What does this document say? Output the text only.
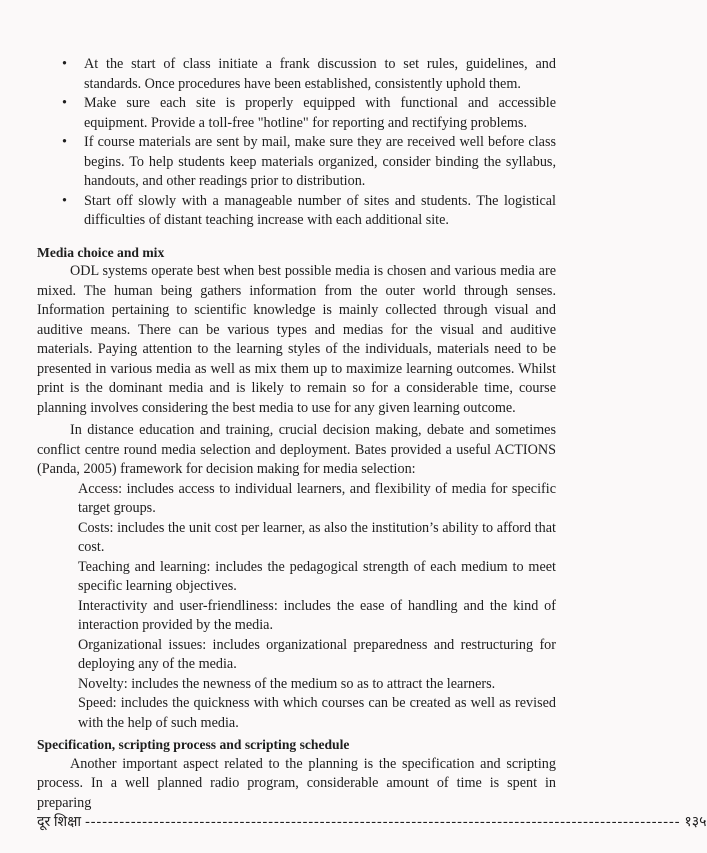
• At the start of class initiate a frank discussion to set rules, guidelines, and standards. Once procedures have been established, consistently uphold them.
• Make sure each site is properly equipped with functional and accessible equipment. Provide a toll-free "hotline" for reporting and rectifying problems.
• If course materials are sent by mail, make sure they are received well before class begins. To help students keep materials organized, consider binding the syllabus, handouts, and other readings prior to distribution.
• Start off slowly with a manageable number of sites and students. The logistical difficulties of distant teaching increase with each additional site.
Media choice and mix

ODL systems operate best when best possible media is chosen and various media are mixed. The human being gathers information from the outer world through senses. Information pertaining to scientific knowledge is mainly collected through visual and auditive means. There can be various types and medias for the visual and auditive materials. Paying attention to the learning styles of the individuals, materials need to be presented in various media as well as mix them up to maximize learning outcomes. Whilst print is the dominant media and is likely to remain so for a considerable time, course planning involves considering the best media to use for any given learning outcome.

In distance education and training, crucial decision making, debate and sometimes conflict centre round media selection and deployment. Bates provided a useful ACTIONS (Panda, 2005) framework for decision making for media selection:

Access: includes access to individual learners, and flexibility of media for specific target groups.
Costs: includes the unit cost per learner, as also the institution’s ability to afford that cost.
Teaching and learning: includes the pedagogical strength of each medium to meet specific learning objectives.
Interactivity and user-friendliness: includes the ease of handling and the kind of interaction provided by the media.
Organizational issues: includes organizational preparedness and restructuring for deploying any of the media.
Novelty: includes the newness of the medium so as to attract the learners.
Speed: includes the quickness with which courses can be created as well as revised with the help of such media.
Specification, scripting process and scripting schedule

Another important aspect related to the planning is the specification and scripting process. In a well planned radio program, considerable amount of time is spent in preparing

दूर शिक्षा -------------------------------------------------------------------------------------------------------- १३५
